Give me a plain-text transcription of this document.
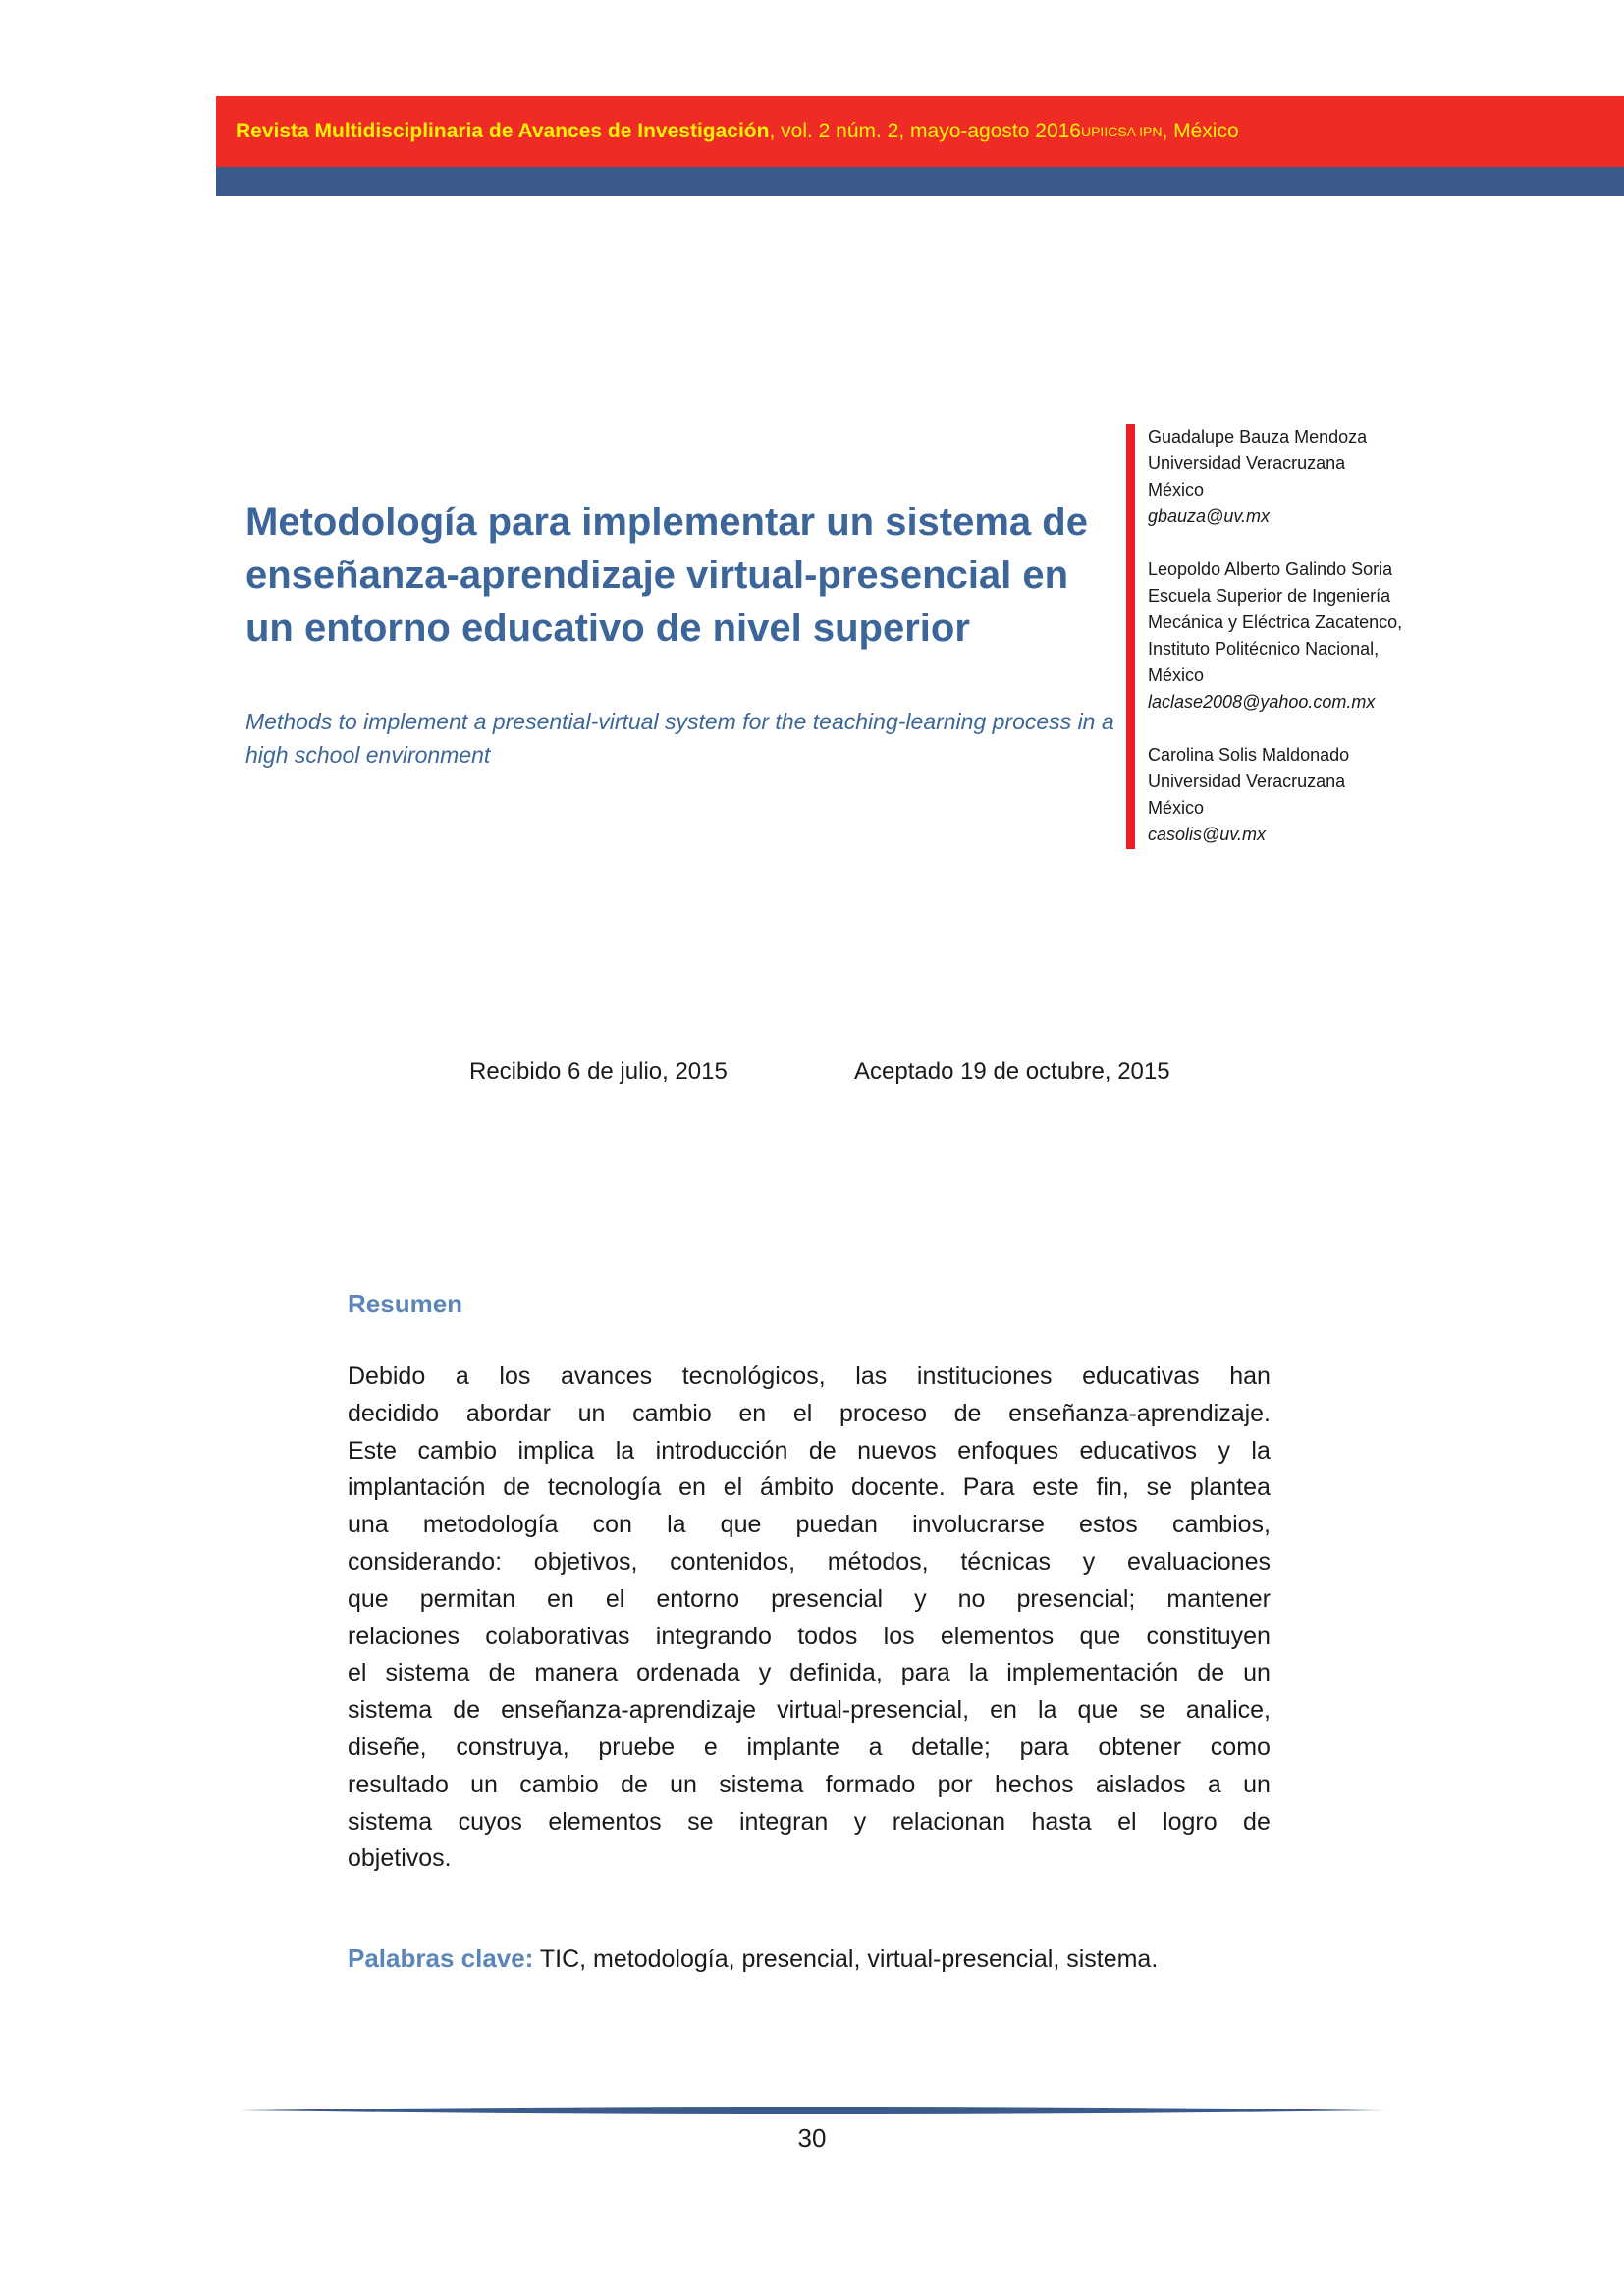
Revista Multidisciplinaria de Avances de Investigación , vol. 2 núm. 2, mayo-agosto 2016 UPIICSA IPN , México
Metodología para implementar un sistema de
enseñanza-aprendizaje virtual-presencial en
un entorno educativo de nivel superior
Methods to implement a presential-virtual system for the teaching-learning process in a
high school environment
Guadalupe Bauza Mendoza
Universidad Veracruzana
México
gbauza@uv.mx
Leopoldo Alberto Galindo Soria
Escuela Superior de Ingeniería
Mecánica y Eléctrica Zacatenco,
Instituto Politécnico Nacional,
México
laclase2008@yahoo.com.mx
Carolina Solis Maldonado
Universidad Veracruzana
México
casolis@uv.mx
Recibido 6 de julio, 2015	Aceptado 19 de octubre, 2015
Resumen
Debido a los avances tecnológicos, las instituciones educativas han
decidido abordar un cambio en el proceso de enseñanza-aprendizaje.
Este cambio implica la introducción de nuevos enfoques educativos y la
implantación de tecnología en el ámbito docente. Para este fin, se plantea
una metodología con la que puedan involucrarse estos cambios,
considerando: objetivos, contenidos, métodos, técnicas y evaluaciones
que permitan en el entorno presencial y no presencial; mantener
relaciones colaborativas integrando todos los elementos que constituyen
el sistema de manera ordenada y definida, para la implementación de un
sistema de enseñanza-aprendizaje virtual-presencial, en la que se analice,
diseñe, construya, pruebe e implante a detalle; para obtener como
resultado un cambio de un sistema formado por hechos aislados a un
sistema cuyos elementos se integran y relacionan hasta el logro de
objetivos.
Palabras clave: TIC, metodología, presencial, virtual-presencial, sistema.
30
